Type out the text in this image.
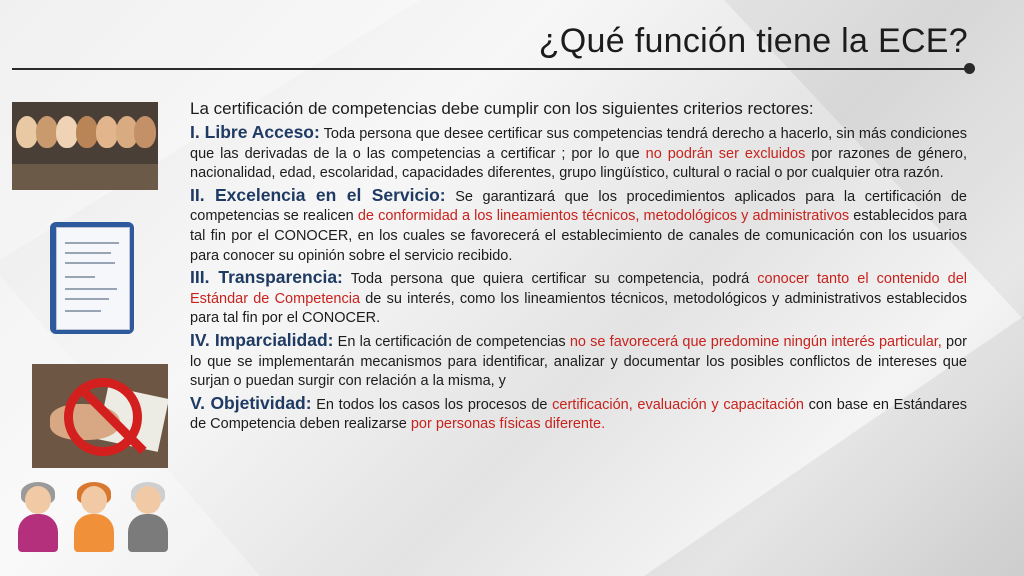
¿Qué función tiene la ECE?

La certificación de competencias debe cumplir con los siguientes criterios rectores:

I. Libre Acceso: Toda persona que desee certificar sus competencias tendrá derecho a hacerlo, sin más condiciones que las derivadas de la o las competencias a certificar ; por lo que no podrán ser excluidos por razones de género, nacionalidad, edad, escolaridad, capacidades diferentes, grupo lingüístico, cultural o racial o por cualquier otra razón.

II. Excelencia en el Servicio: Se garantizará que los procedimientos aplicados para la certificación de competencias se realicen de conformidad a los lineamientos técnicos, metodológicos y administrativos establecidos para tal fin por el CONOCER, en los cuales se favorecerá el establecimiento de canales de comunicación con los usuarios para conocer su opinión sobre el servicio recibido.

III. Transparencia: Toda persona que quiera certificar su competencia, podrá conocer tanto el contenido del Estándar de Competencia de su interés, como los lineamientos técnicos, metodológicos y administrativos establecidos para tal fin por el CONOCER.

IV. Imparcialidad: En la certificación de competencias no se favorecerá que predomine ningún interés particular, por lo que se implementarán mecanismos para identificar, analizar y documentar los posibles conflictos de intereses que surjan o puedan surgir con relación a la misma, y

V. Objetividad: En todos los casos los procesos de certificación, evaluación y capacitación con base en Estándares de Competencia deben realizarse por personas físicas diferente.
